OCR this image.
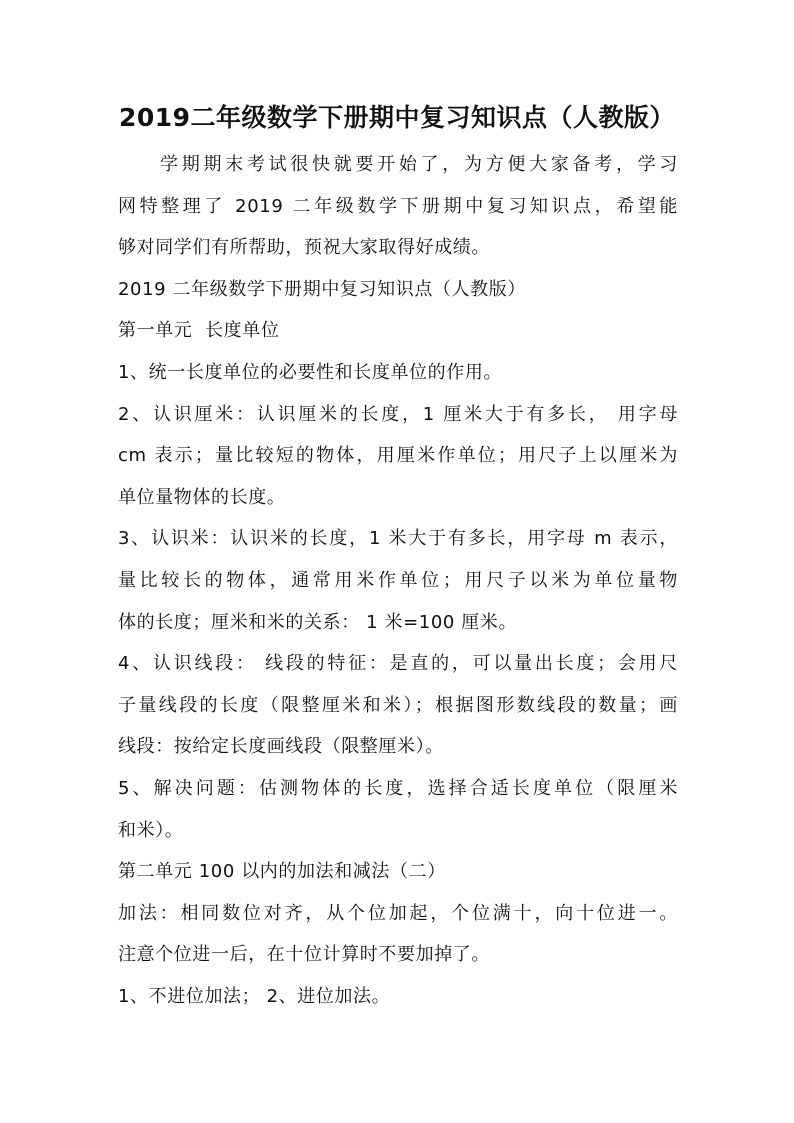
2019二年级数学下册期中复习知识点（人教版）

学期期末考试很快就要开始了，为方便大家备考，学习
网特整理了 2019 二年级数学下册期中复习知识点，希望能
够对同学们有所帮助，预祝大家取得好成绩。

2019 二年级数学下册期中复习知识点（人教版）

第一单元  长度单位

1、统一长度单位的必要性和长度单位的作用。

2、认识厘米：认识厘米的长度，1 厘米大于有多长， 用字母
cm 表示；量比较短的物体，用厘米作单位；用尺子上以厘米为
单位量物体的长度。

3、认识米：认识米的长度，1 米大于有多长，用字母 m 表示，
量比较长的物体，通常用米作单位；用尺子以米为单位量物
体的长度；厘米和米的关系： 1 米=100 厘米。

4、认识线段： 线段的特征：是直的，可以量出长度；会用尺
子量线段的长度（限整厘米和米）；根据图形数线段的数量；画
线段：按给定长度画线段（限整厘米）。

5、解决问题：估测物体的长度，选择合适长度单位（限厘米
和米）。

第二单元 100 以内的加法和减法（二）

加法：相同数位对齐，从个位加起，个位满十，向十位进一。
注意个位进一后，在十位计算时不要加掉了。

1、不进位加法； 2、进位加法。
